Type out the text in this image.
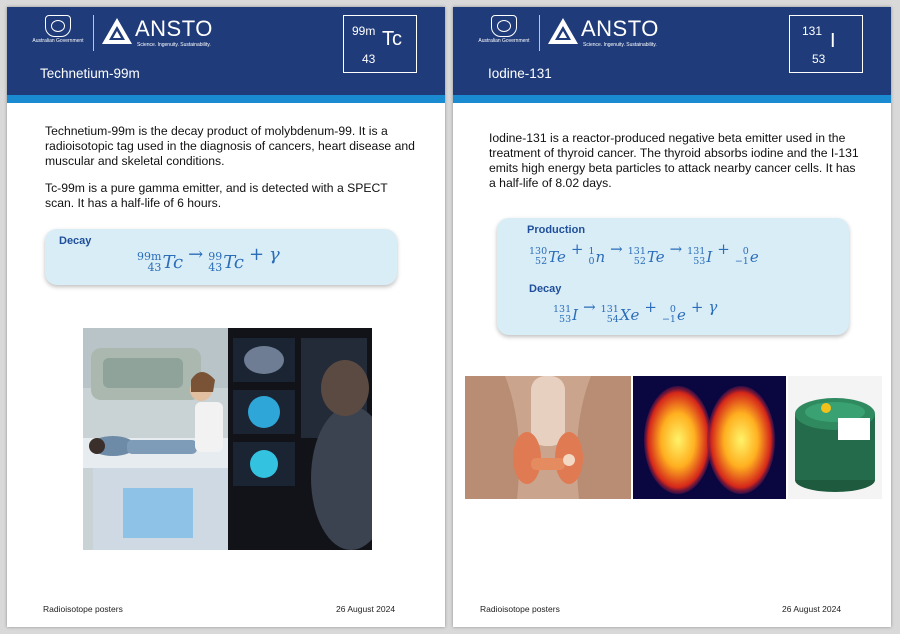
Australian Government ANSTO
Science. Ingenuity. Sustainability.
99m Tc
43
Technetium-99m

Technetium-99m is the decay product of molybdenum-99. It is a radioisotopic tag used in the diagnosis of cancers, heart disease and muscular and skeletal conditions.

Tc-99m is a pure gamma emitter, and is detected with a SPECT scan. It has a half-life of 6 hours.

Decay
99m
43 Tc → 99
43 Tc + γ
Radioisotope posters	26 August 2024
Australian Government ANSTO
Science. Ingenuity. Sustainability.
131 I
53
Iodine-131

Iodine-131 is a reactor-produced negative beta emitter used in the treatment of thyroid cancer. The thyroid absorbs iodine and the I-131 emits high energy beta particles to attack nearby cancer cells. It has a half-life of 8.02 days.

Production
130
52 Te + 1
0 n → 131
52 Te → 131
53 I +	0
−1 e
Decay
131
53 I → 131
54 Xe +	0
−1 e + γ
Radioisotope posters	26 August 2024
